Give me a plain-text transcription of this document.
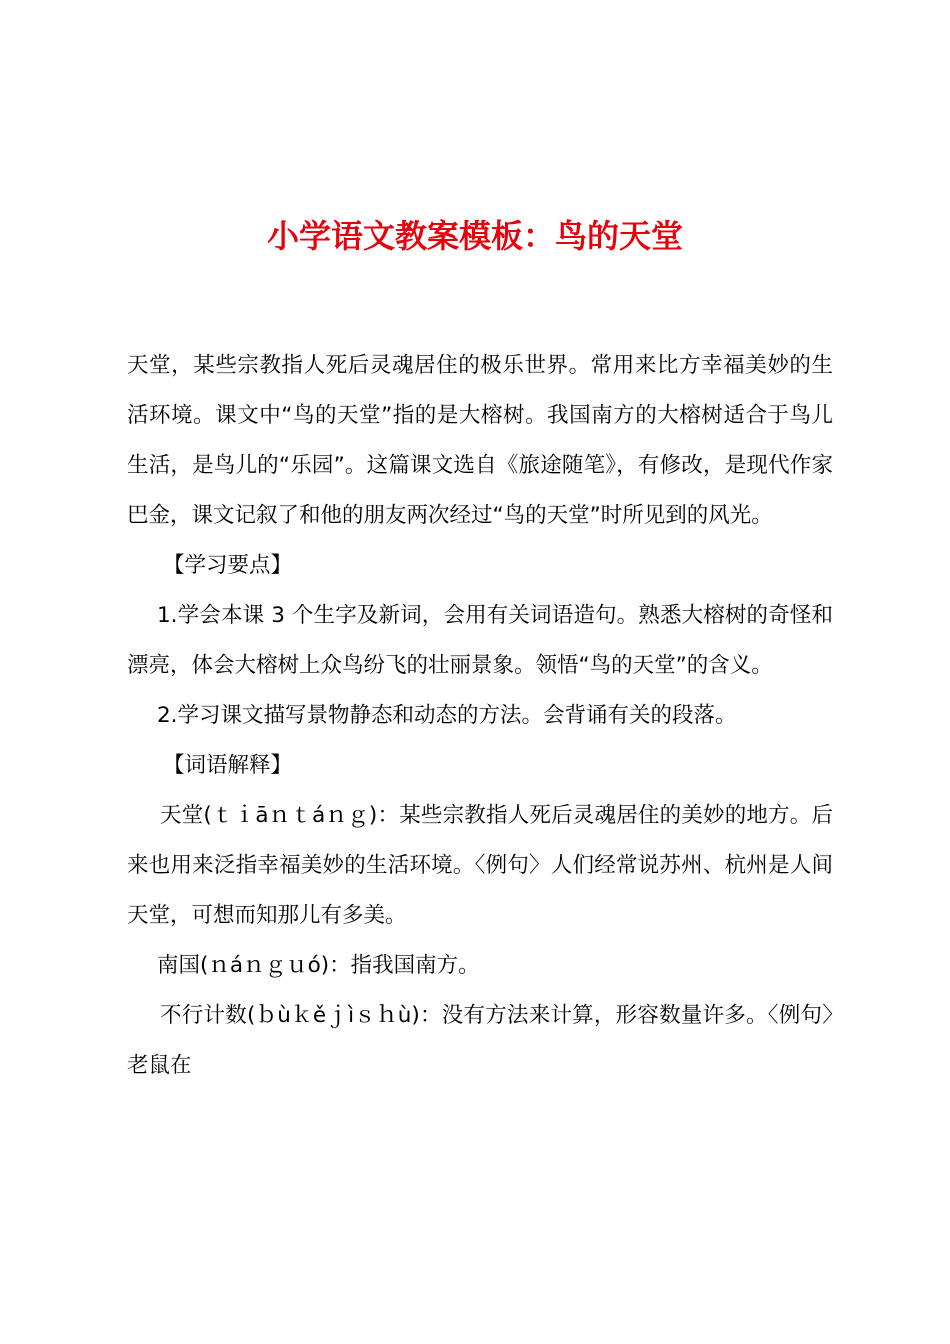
小学语文教案模板：鸟的天堂

天堂，某些宗教指人死后灵魂居住的极乐世界。常用来比方幸福美妙的生活环境。课文中“鸟的天堂”指的是大榕树。我国南方的大榕树适合于鸟儿生活，是鸟儿的“乐园”。这篇课文选自《旅途随笔》，有修改，是现代作家巴金，课文记叙了和他的朋友两次经过“鸟的天堂”时所见到的风光。

【学习要点】

1.学会本课 3 个生字及新词，会用有关词语造句。熟悉大榕树的奇怪和漂亮，体会大榕树上众鸟纷飞的壮丽景象。领悟“鸟的天堂”的含义。

2.学习课文描写景物静态和动态的方法。会背诵有关的段落。

【词语解释】

天堂(ｔｉāｎｔáｎｇ)：某些宗教指人死后灵魂居住的美妙的地方。后来也用来泛指幸福美妙的生活环境。〈例句〉人们经常说苏州、杭州是人间天堂，可想而知那儿有多美。

南国(ｎáｎｇｕó)：指我国南方。

不行计数(ｂùｋěｊìｓｈù)：没有方法来计算，形容数量许多。〈例句〉老鼠在
